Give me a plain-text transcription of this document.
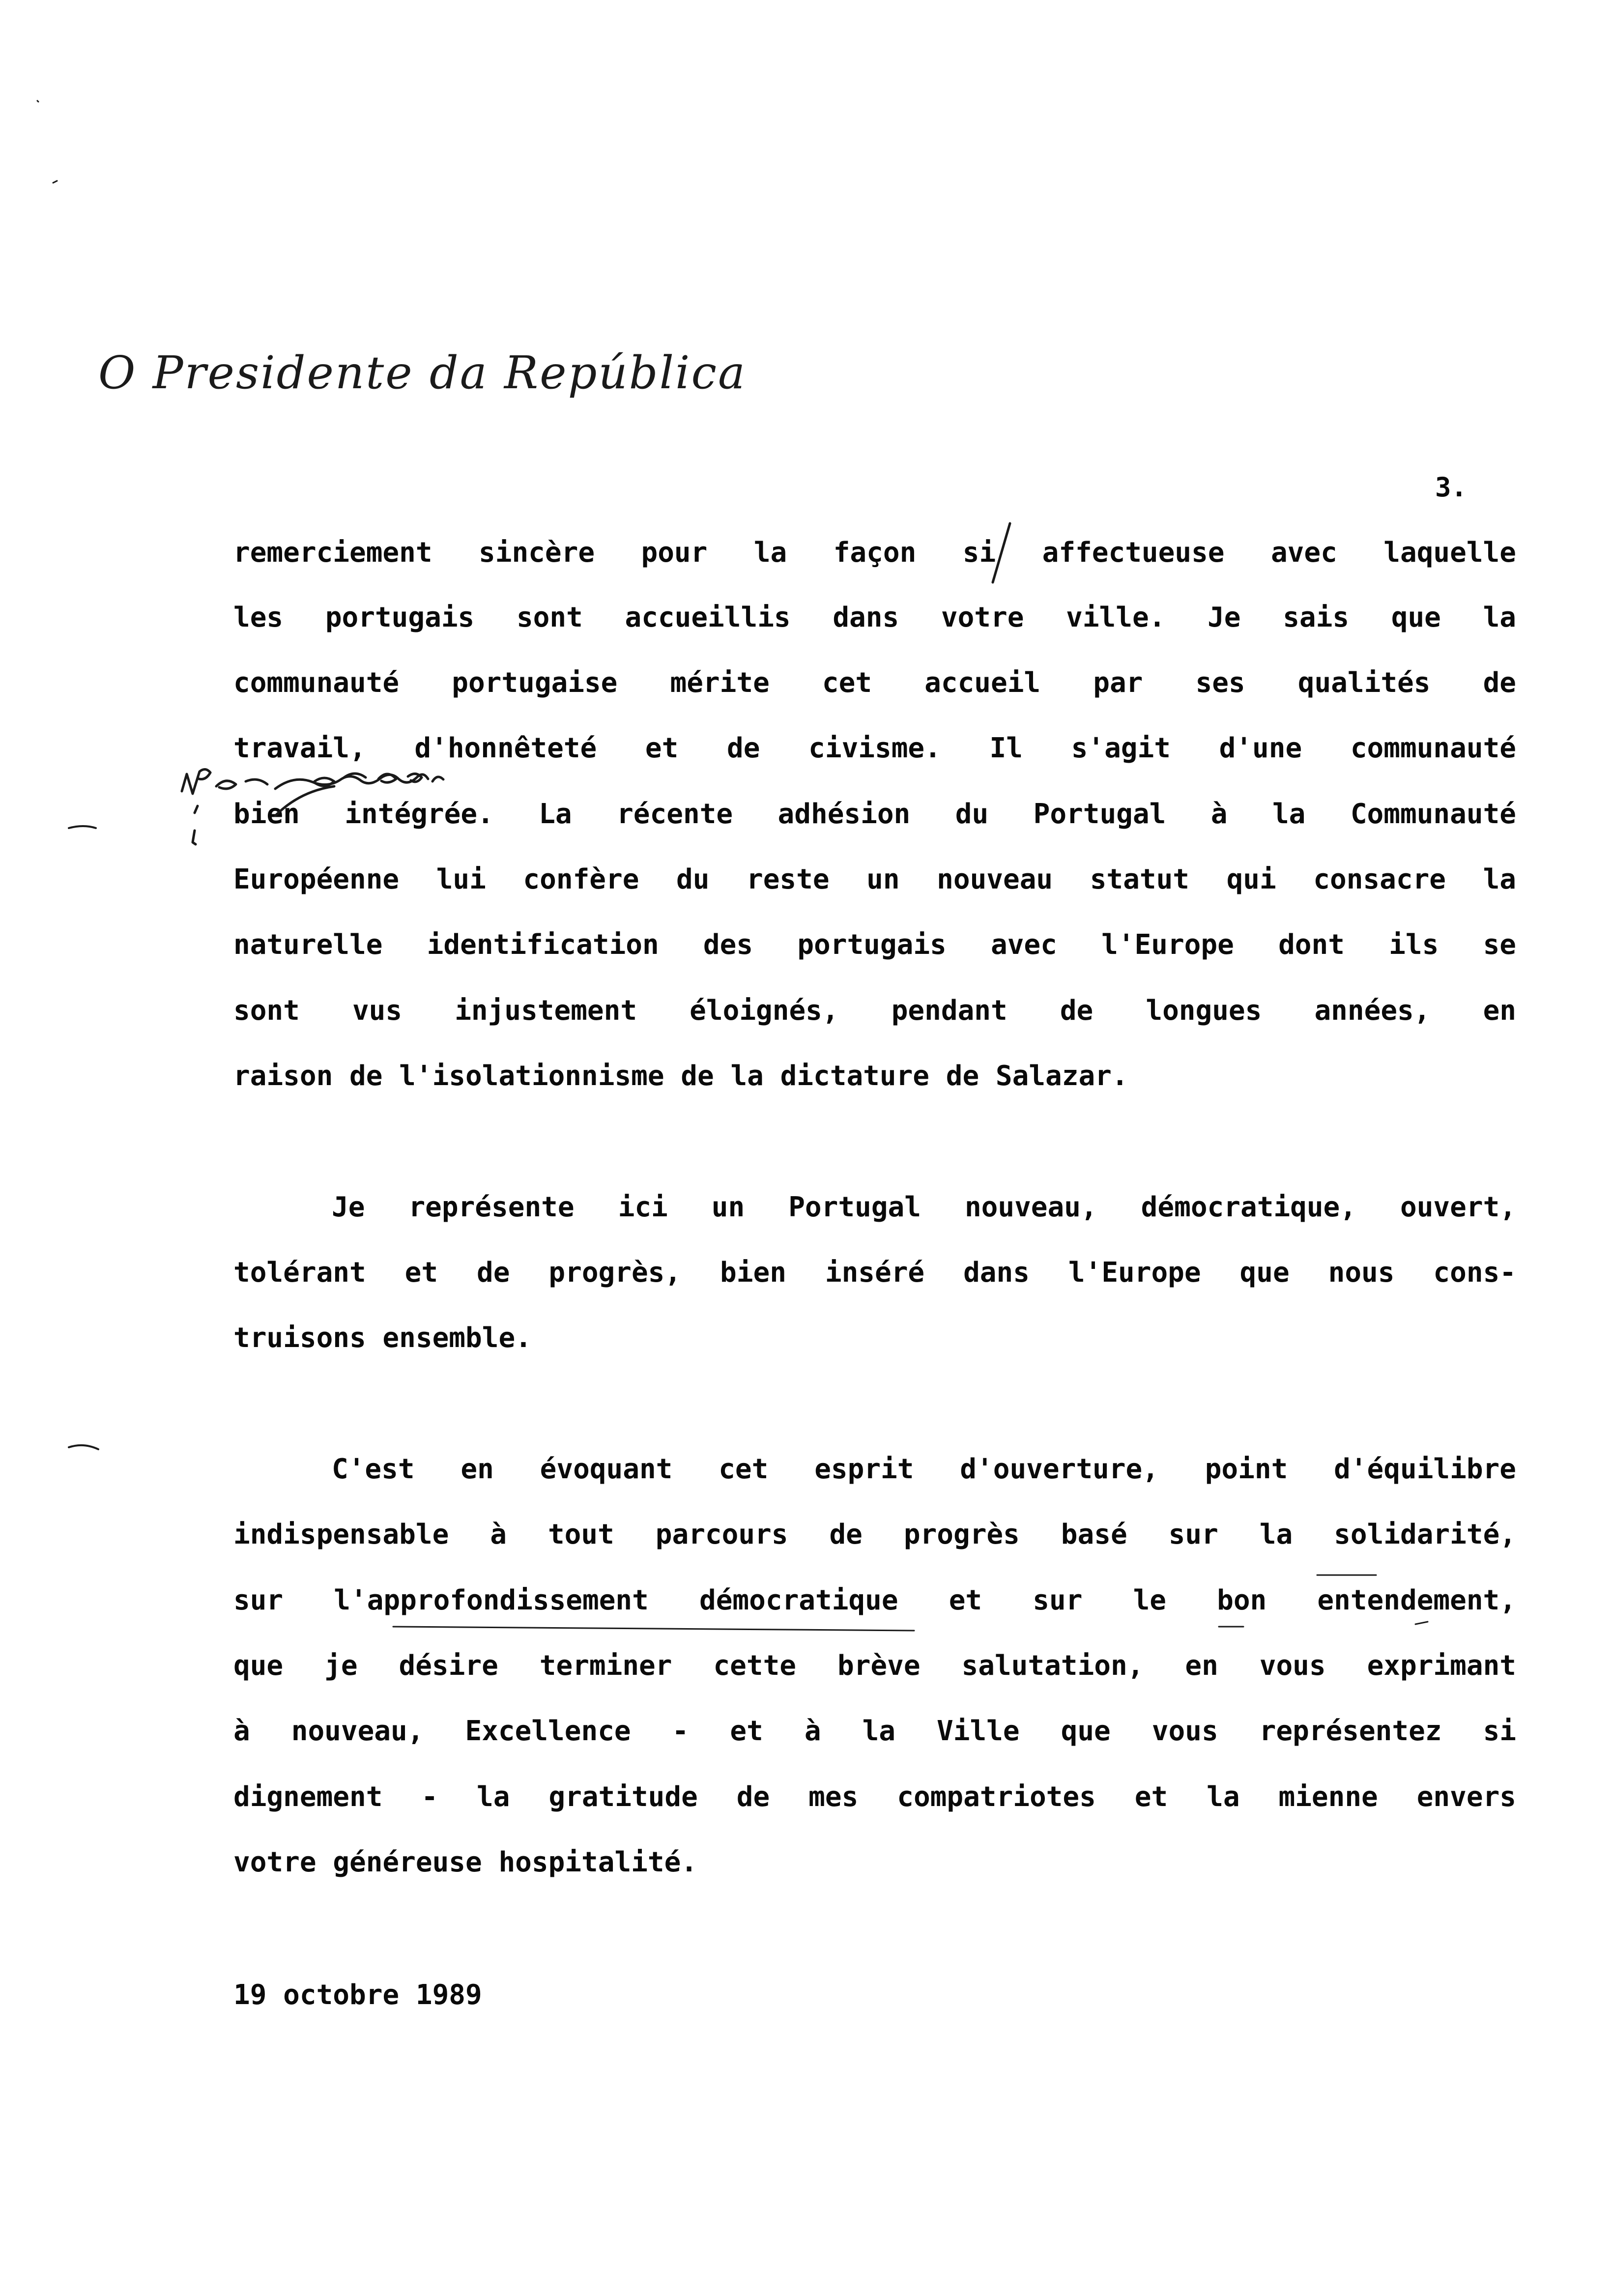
O Presidente da República
3.
remerciement sincère pour la façon si affectueuse avec laquelle
les portugais sont accueillis dans votre ville. Je sais que la
communauté portugaise mérite cet accueil par ses qualités de
travail, d'honnêteté et de civisme. Il s'agit d'une communauté
bien intégrée. La récente adhésion du Portugal à la Communauté
Européenne lui confère du reste un nouveau statut qui consacre la
naturelle identification des portugais avec l'Europe dont ils se
sont vus injustement éloignés, pendant de longues années, en
raison de l'isolationnisme de la dictature de Salazar.
Je représente ici un Portugal nouveau, démocratique, ouvert,
tolérant et de progrès, bien inséré dans l'Europe que nous cons-
truisons ensemble.
C'est en évoquant cet esprit d'ouverture, point d'équilibre
indispensable à tout parcours de progrès basé sur la solidarité,
sur l'approfondissement démocratique et sur le bon entendement,
que je désire terminer cette brève salutation, en vous exprimant
à nouveau, Excellence - et à la Ville que vous représentez si
dignement - la gratitude de mes compatriotes et la mienne envers
votre généreuse hospitalité.
19 octobre 1989
